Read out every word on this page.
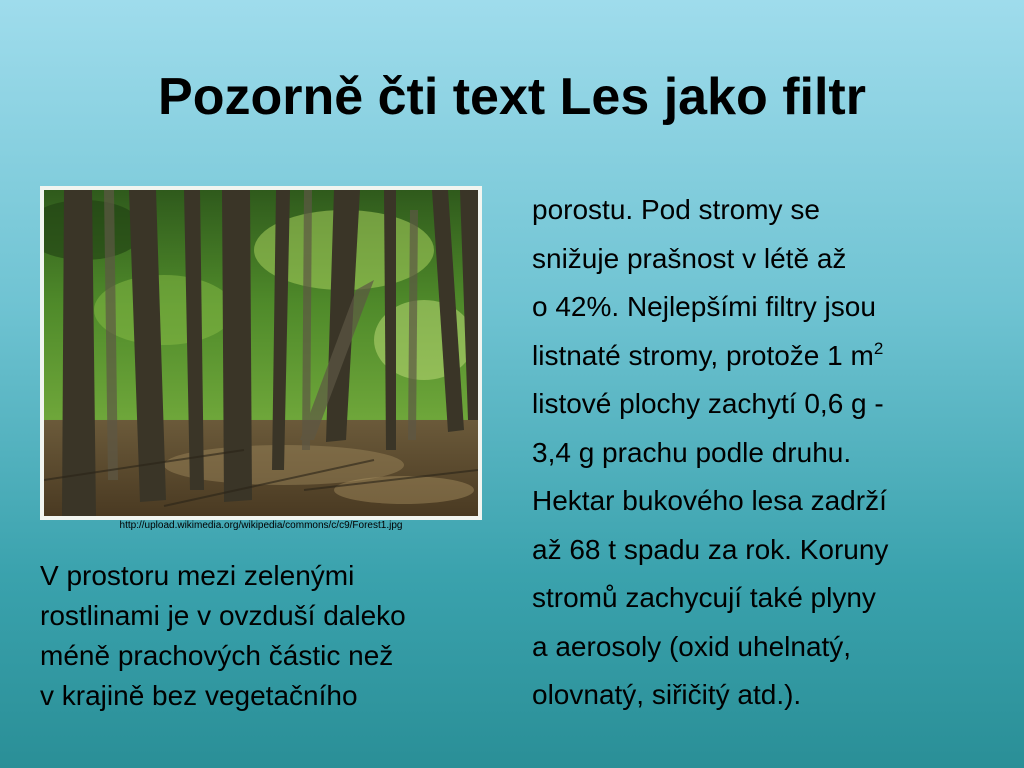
Pozorně čti text Les jako filtr
http://upload.wikimedia.org/wikipedia/commons/c/c9/Forest1.jpg
V prostoru mezi zelenými
rostlinami je v ovzduší daleko
méně prachových částic než
v krajině bez vegetačního
porostu. Pod stromy se
snižuje prašnost v létě až
o 42%. Nejlepšími filtry jsou
listnaté stromy, protože 1 $m^2$
listové plochy zachytí 0,6 g -
3,4 g prachu podle druhu.
Hektar bukového lesa zadrží
až 68 t spadu za rok. Koruny
stromů zachycují také plyny
a aerosoly (oxid uhelnatý,
olovnatý, siřičitý atd.).
